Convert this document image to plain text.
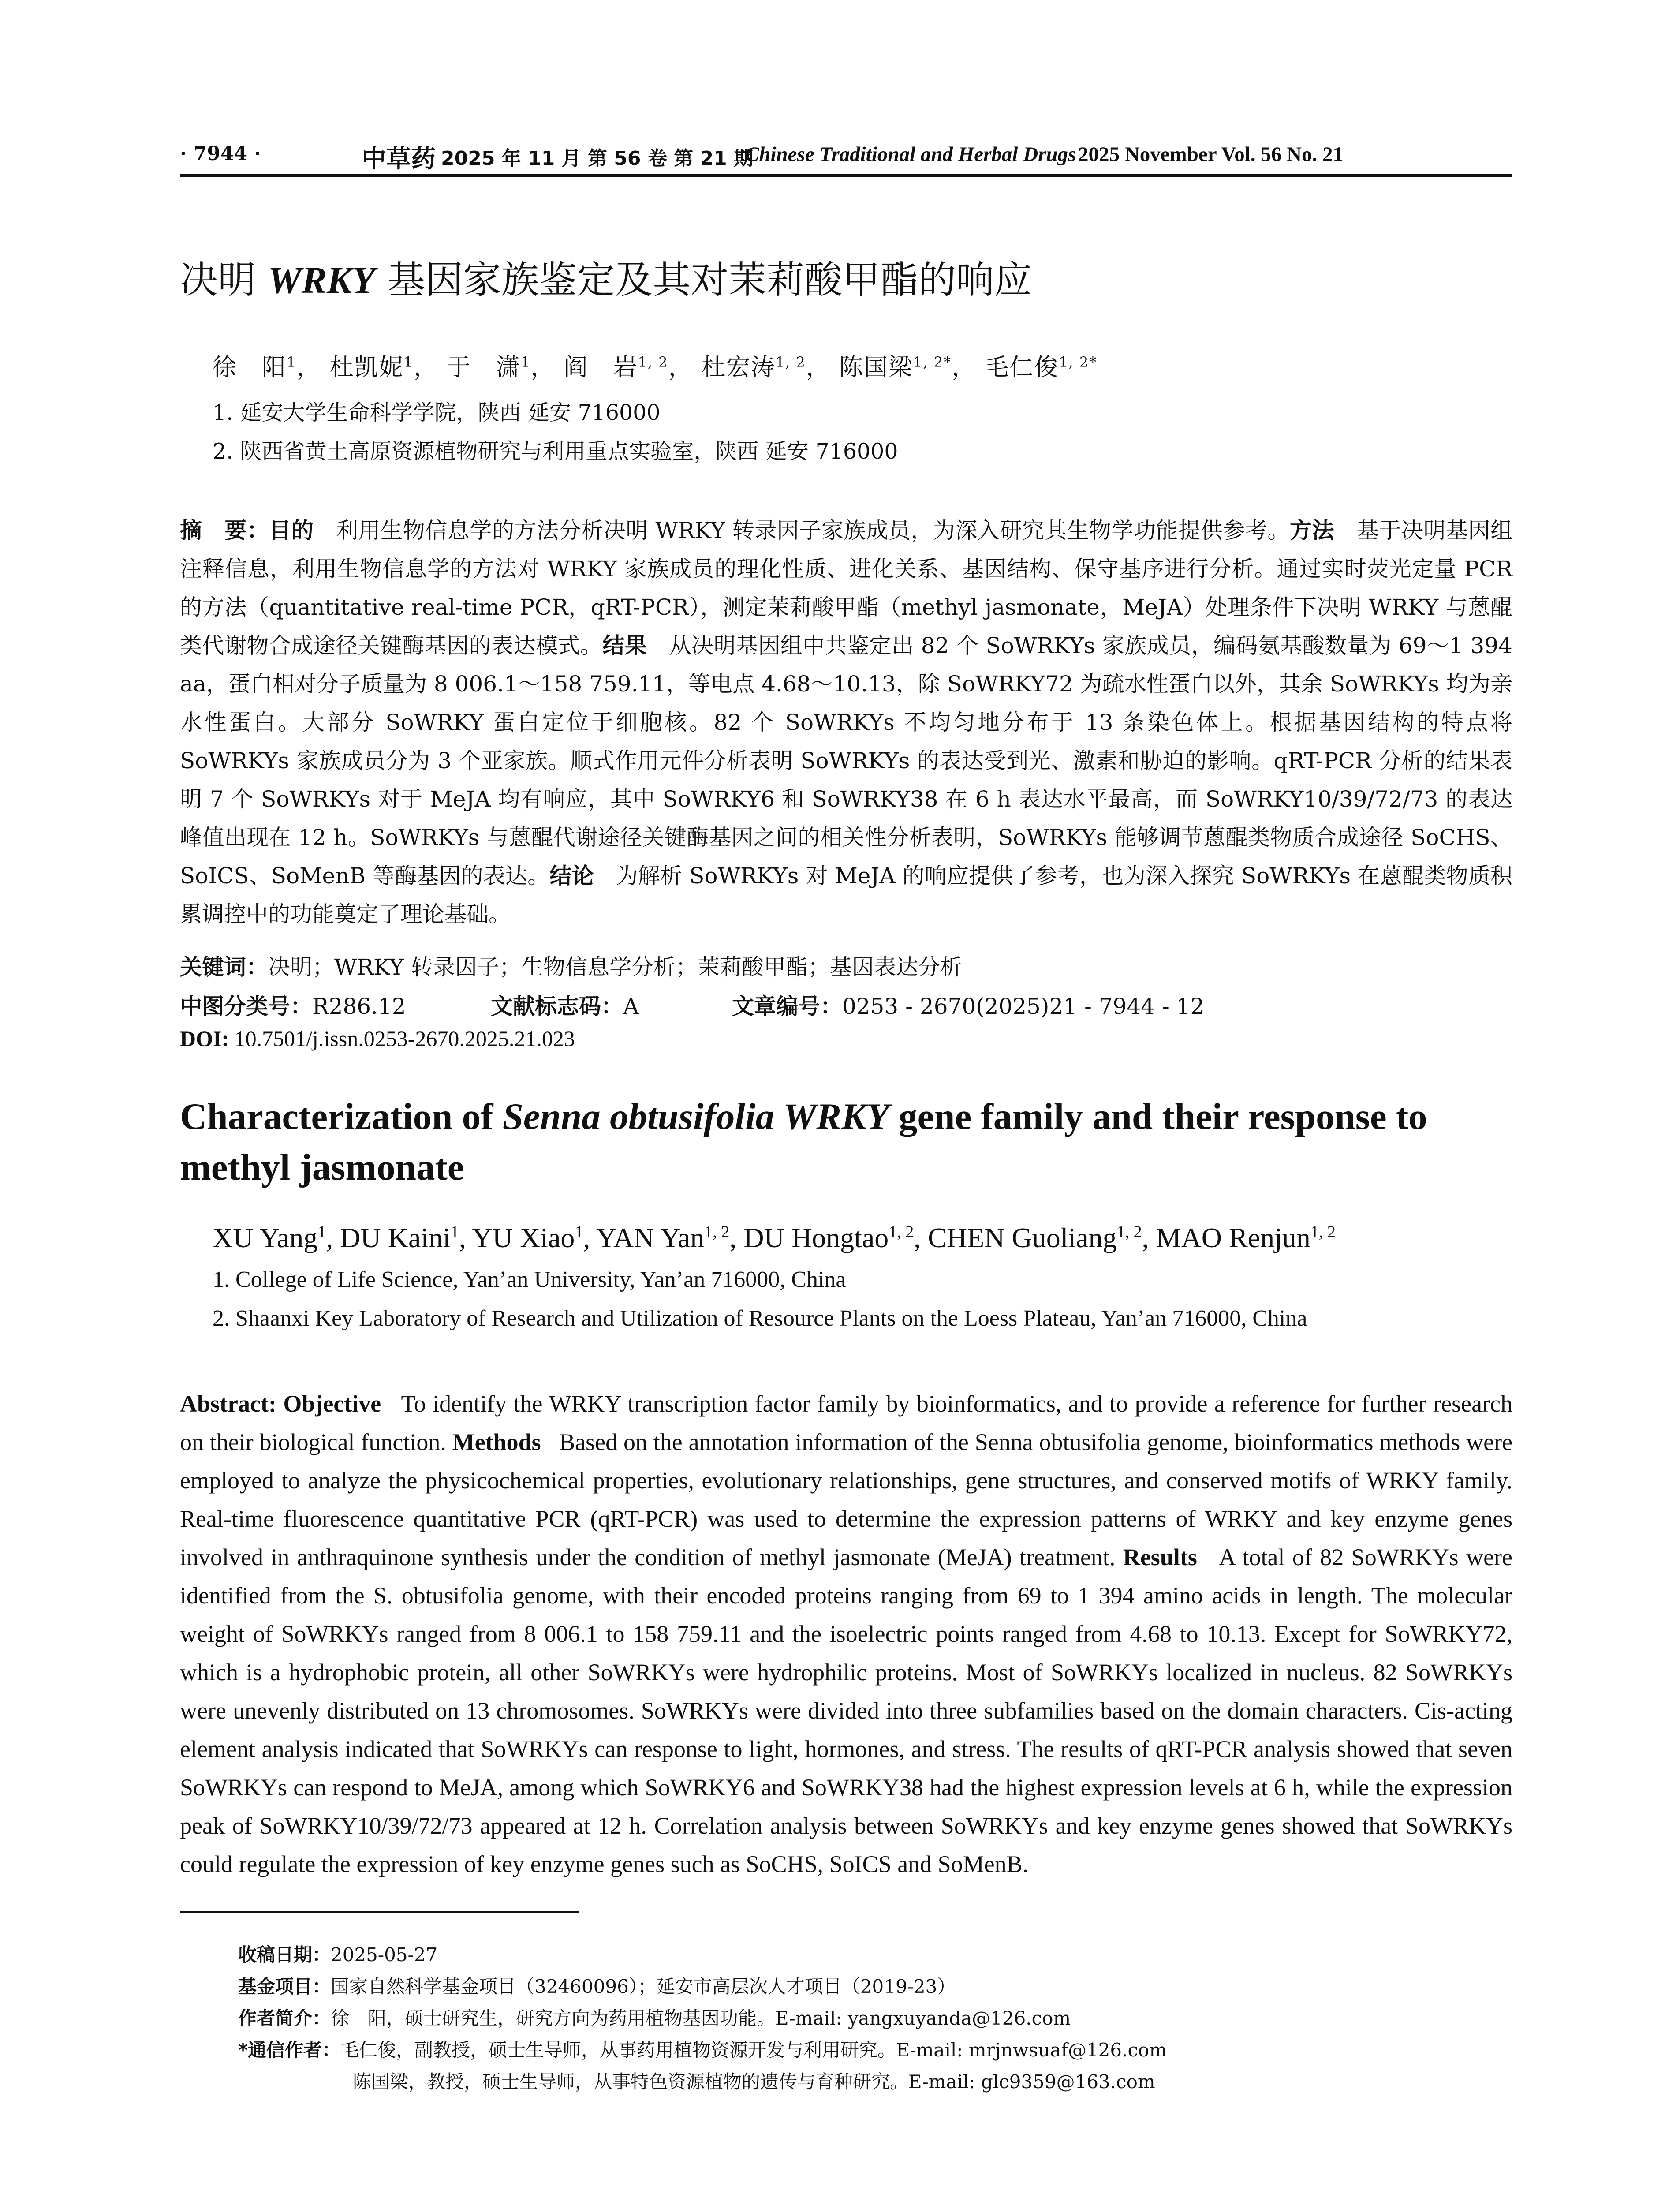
· 7944 ·	中草药 2025 年 11 月 第 56 卷 第 21 期
Chinese Traditional and Herbal Drugs 2025 November Vol. 56 No. 21
决明 WRKY 基因家族鉴定及其对茉莉酸甲酯的响应
徐　阳$^1$， 杜凯妮$^1$， 于　潇$^1$， 阎　岩$^{1, 2}$， 杜宏涛$^{1, 2}$， 陈国梁$^{1, 2*}$， 毛仁俊$^{1, 2*}$
1. 延安大学生命科学学院，陕西 延安 716000
2. 陕西省黄土高原资源植物研究与利用重点实验室，陕西 延安 716000
摘　要：目的　 利用生物信息学的方法分析决明 WRKY 转录因子家族成员，为深入研究其生物学功能提供参考。方法　 基于决明基因组注释信息，利用生物信息学的方法对 WRKY 家族成员的理化性质、进化关系、基因结构、保守基序进行分析。通过实时荧光定量 PCR 的方法（quantitative real-time PCR，qRT-PCR），测定茉莉酸甲酯（methyl jasmonate，MeJA）处理条件下决明 WRKY 与蒽醌类代谢物合成途径关键酶基因的表达模式。结果　 从决明基因组中共鉴定出 82 个 SoWRKYs 家族成员，编码氨基酸数量为 69～1 394 aa，蛋白相对分子质量为 8 006.1～158 759.11，等电点 4.68～10.13，除 SoWRKY72 为疏水性蛋白以外，其余 SoWRKYs 均为亲水性蛋白。大部分 SoWRKY 蛋白定位于细胞核。82 个 SoWRKYs 不均匀地分布于 13 条染色体上。根据基因结构的特点将 SoWRKYs 家族成员分为 3 个亚家族。顺式作用元件分析表明 SoWRKYs 的表达受到光、激素和胁迫的影响。qRT-PCR 分析的结果表明 7 个 SoWRKYs 对于 MeJA 均有响应，其中 SoWRKY6 和 SoWRKY38 在 6 h 表达水平最高，而 SoWRKY10/39/72/73 的表达峰值出现在 12 h。SoWRKYs 与蒽醌代谢途径关键酶基因之间的相关性分析表明，SoWRKYs 能够调节蒽醌类物质合成途径 SoCHS、SoICS、SoMenB 等酶基因的表达。结论　 为解析 SoWRKYs 对 MeJA 的响应提供了参考，也为深入探究 SoWRKYs 在蒽醌类物质积累调控中的功能奠定了理论基础。
关键词：决明；WRKY 转录因子；生物信息学分析；茉莉酸甲酯；基因表达分析
中图分类号：R286.12	文献标志码：A	文章编号：0253 - 2670(2025)21 - 7944 - 12
DOI: 10.7501/j.issn.0253-2670.2025.21.023
Characterization of Senna obtusifolia WRKY gene family and their response to methyl jasmonate
XU Yang$^1$, DU Kaini$^1$, YU Xiao$^1$, YAN Yan$^{1, 2}$, DU Hongtao$^{1, 2}$, CHEN Guoliang$^{1, 2}$, MAO Renjun$^{1, 2}$
1. College of Life Science, Yan’an University, Yan’an 716000, China
2. Shaanxi Key Laboratory of Research and Utilization of Resource Plants on the Loess Plateau, Yan’an 716000, China
Abstract: Objective To identify the WRKY transcription factor family by bioinformatics, and to provide a reference for further research on their biological function. Methods Based on the annotation information of the Senna obtusifolia genome, bioinformatics methods were employed to analyze the physicochemical properties, evolutionary relationships, gene structures, and conserved motifs of WRKY family. Real-time fluorescence quantitative PCR (qRT-PCR) was used to determine the expression patterns of WRKY and key enzyme genes involved in anthraquinone synthesis under the condition of methyl jasmonate (MeJA) treatment. Results A total of 82 SoWRKYs were identified from the S. obtusifolia genome, with their encoded proteins ranging from 69 to 1 394 amino acids in length. The molecular weight of SoWRKYs ranged from 8 006.1 to 158 759.11 and the isoelectric points ranged from 4.68 to 10.13. Except for SoWRKY72, which is a hydrophobic protein, all other SoWRKYs were hydrophilic proteins. Most of SoWRKYs localized in nucleus. 82 SoWRKYs were unevenly distributed on 13 chromosomes. SoWRKYs were divided into three subfamilies based on the domain characters. Cis-acting element analysis indicated that SoWRKYs can response to light, hormones, and stress. The results of qRT-PCR analysis showed that seven SoWRKYs can respond to MeJA, among which SoWRKY6 and SoWRKY38 had the highest expression levels at 6 h, while the expression peak of SoWRKY10/39/72/73 appeared at 12 h. Correlation analysis between SoWRKYs and key enzyme genes showed that SoWRKYs could regulate the expression of key enzyme genes such as SoCHS, SoICS and SoMenB.
收稿日期：2025-05-27
基金项目：国家自然科学基金项目（32460096）；延安市高层次人才项目（2019-23）
作者简介：徐　阳，硕士研究生，研究方向为药用植物基因功能。E-mail: yangxuyanda@126.com
*通信作者：毛仁俊，副教授，硕士生导师，从事药用植物资源开发与利用研究。E-mail: mrjnwsuaf@126.com
陈国梁，教授，硕士生导师，从事特色资源植物的遗传与育种研究。E-mail: glc9359@163.com
